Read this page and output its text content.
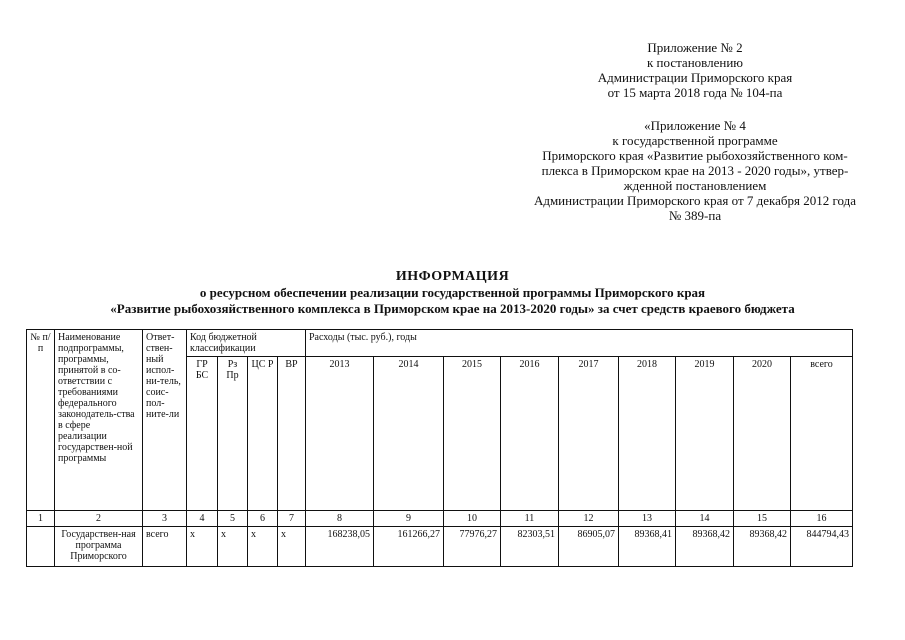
Приложение № 2
к постановлению
Администрации Приморского края
от 15 марта 2018 года № 104-па
«Приложение № 4
к государственной программе
Приморского края «Развитие рыбохозяйственного ком-
плекса в Приморском крае на 2013 - 2020 годы», утвер-
жденной постановлением
Администрации Приморского края от 7 декабря 2012 года
№ 389-па
ИНФОРМАЦИЯ
о ресурсном обеспечении реализации государственной программы Приморского края
«Развитие рыбохозяйственного комплекса в Приморском крае на 2013-2020 годы» за счет средств краевого бюджета
№ п/п	Наименование подпрограммы, программы, принятой в со-ответствии с требованиями федерального законодатель-ства в сфере реализации государствен-ной программы	Ответ-ствен-ный испол-ни-тель, соис-пол-ните-ли	Код бюджетной классификации				Расходы (тыс. руб.), годы								
			ГР БС	Рз Пр	ЦС Р	ВР	2013	2014	2015	2016	2017	2018	2019	2020	всего
1	2	3	4	5	6	7	8	9	10	11	12	13	14	15	16
	Государствен-ная программа Приморского	всего	х	х	х	х	168238,05	161266,27	77976,27	82303,51	86905,07	89368,41	89368,42	89368,42	844794,43
